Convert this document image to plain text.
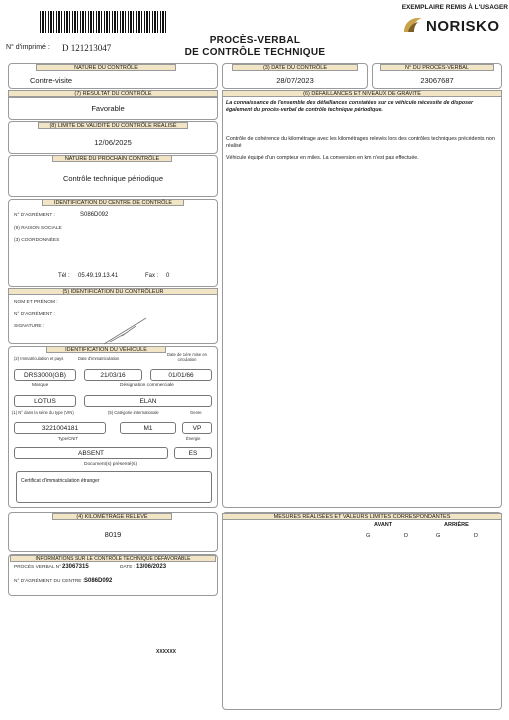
N° d'imprimé : D 121213047
PROCÈS-VERBAL
DE CONTRÔLE TECHNIQUE
EXEMPLAIRE REMIS À L'USAGER
NORISKO
NATURE DU CONTRÔLE
Contre-visite
(3) DATE DU CONTRÔLE
28/07/2023
N° DU PROCÈS-VERBAL
23067687
(7) RÉSULTAT DU CONTRÔLE
Favorable
(8) LIMITE DE VALIDITÉ DU CONTRÔLE RÉALISÉ
12/06/2025
NATURE DU PROCHAIN CONTRÔLE
Contrôle technique périodique
IDENTIFICATION DU CENTRE DE CONTRÔLE
N° D'AGRÉMENT :	S086D092
(9) RAISON SOCIALE
(3) COORDONNÉES
Tél : 05.49.19.13.41	Fax : 0
(5) IDENTIFICATION DU CONTRÔLEUR
NOM ET PRÉNOM :
N° D'AGRÉMENT :
SIGNATURE :
IDENTIFICATION DU VÉHICULE
(2) Immatriculation et pays	Date d'immatriculation
Date de 1ère mise en circulation
DRS3000(GB)	21/03/16	01/01/66
Marque	Désignation commerciale
LOTUS	ELAN
(1) N° dans la série du type (VIN)	(5) Catégorie internationale	Genre
3221004181	M1	VP
Type/CNIT	Énergie
ABSENT	ES
Document(s) présenté(s)
Certificat d'immatriculation étranger
(4) KILOMÉTRAGE RELEVÉ
8019
INFORMATIONS SUR LE CONTRÔLE TECHNIQUE DÉFAVORABLE
PROCÈS VERBAL N° :
23067315	DATE : 13/06/2023
N° D'AGRÉMENT DU CENTRE : S086D092
XXXXXX
(6) DÉFAILLANCES ET NIVEAUX DE GRAVITÉ
La connaissance de l'ensemble des défaillances constatées sur ce véhicule nécessite de disposer également du procès-verbal de contrôle technique périodique.
Contrôle de cohérence du kilométrage avec les kilométrages relevés lors des contrôles techniques précédents non réalisé
Véhicule équipé d'un compteur en miles. La conversion en km n'est pas effectuée.
MESURES RÉALISÉES ET VALEURS LIMITES CORRESPONDANTES
AVANT	ARRIÈRE
G	D	G	D
